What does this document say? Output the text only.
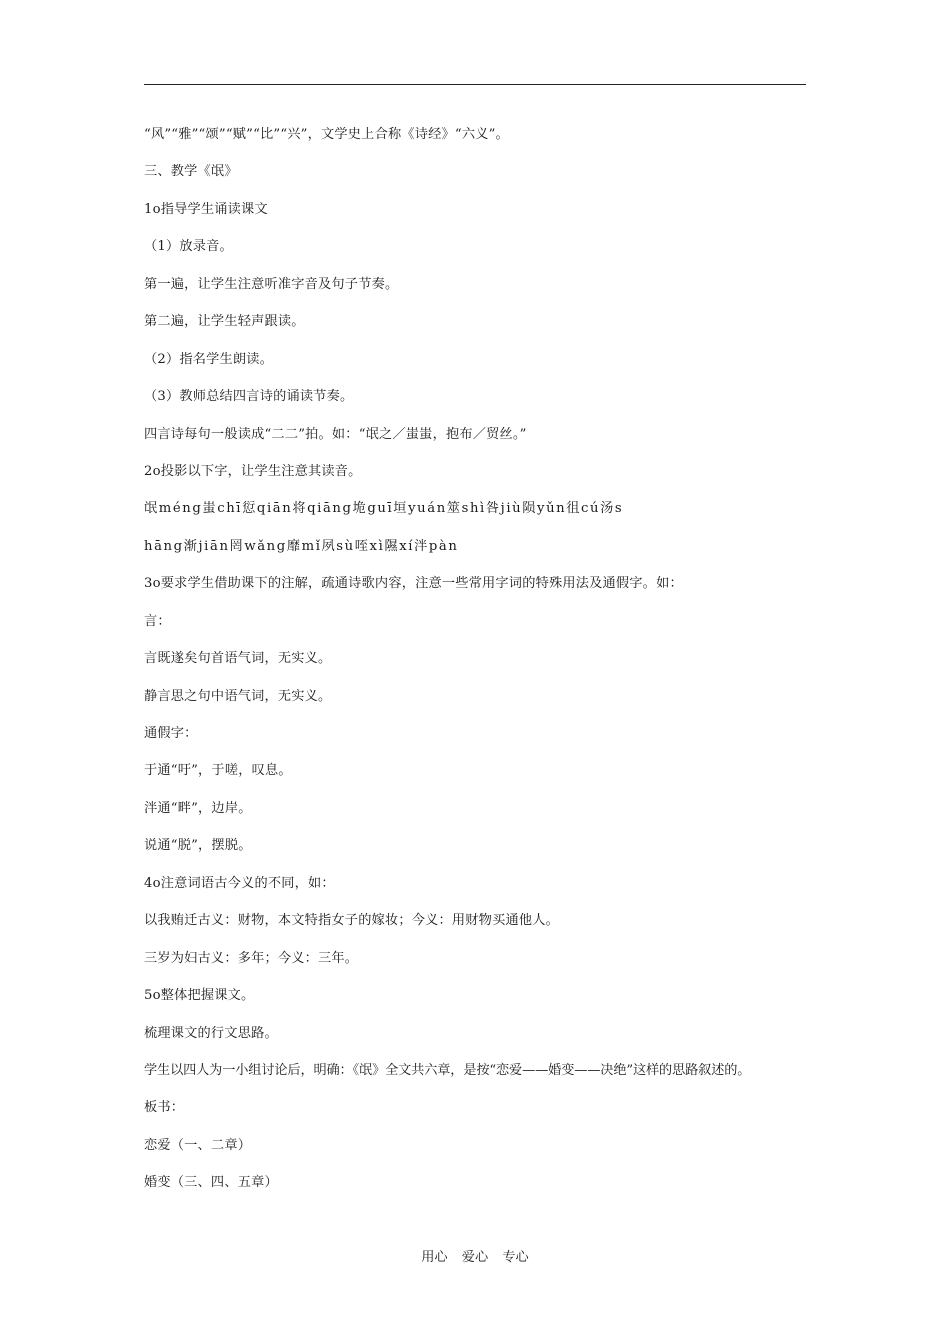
“风”“雅”“颂”“赋”“比”“兴”，文学史上合称《诗经》“六义”。
三、教学《氓》
1o指导学生诵读课文
（1）放录音。
第一遍，让学生注意听准字音及句子节奏。
第二遍，让学生轻声跟读。
（2）指名学生朗读。
（3）教师总结四言诗的诵读节奏。
四言诗每句一般读成“二二”拍。如：“氓之／蚩蚩，抱布／贸丝。”
2o投影以下字，让学生注意其读音。
氓méng蚩chī愆qiān将qiāng垝guī垣yuán筮shì咎jiù陨yǔn徂cú汤s
hāng渐jiān罔wǎng靡mǐ夙sù咥xì隰xí泮pàn
3o要求学生借助课下的注解，疏通诗歌内容，注意一些常用字词的特殊用法及通假字。如：
言：
言既遂矣句首语气词，无实义。
静言思之句中语气词，无实义。
通假字：
于通“吁”，于嗟，叹息。
泮通“畔”，边岸。
说通“脱”，摆脱。
4o注意词语古今义的不同，如：
以我贿迁古义：财物，本文特指女子的嫁妆；今义：用财物买通他人。
三岁为妇古义：多年；今义：三年。
5o整体把握课文。
梳理课文的行文思路。
学生以四人为一小组讨论后，明确：《氓》全文共六章，是按“恋爱——婚变——决绝”这样的思路叙述的。
板书：
恋爱（一、二章）
婚变（三、四、五章）
用心 爱心 专心
